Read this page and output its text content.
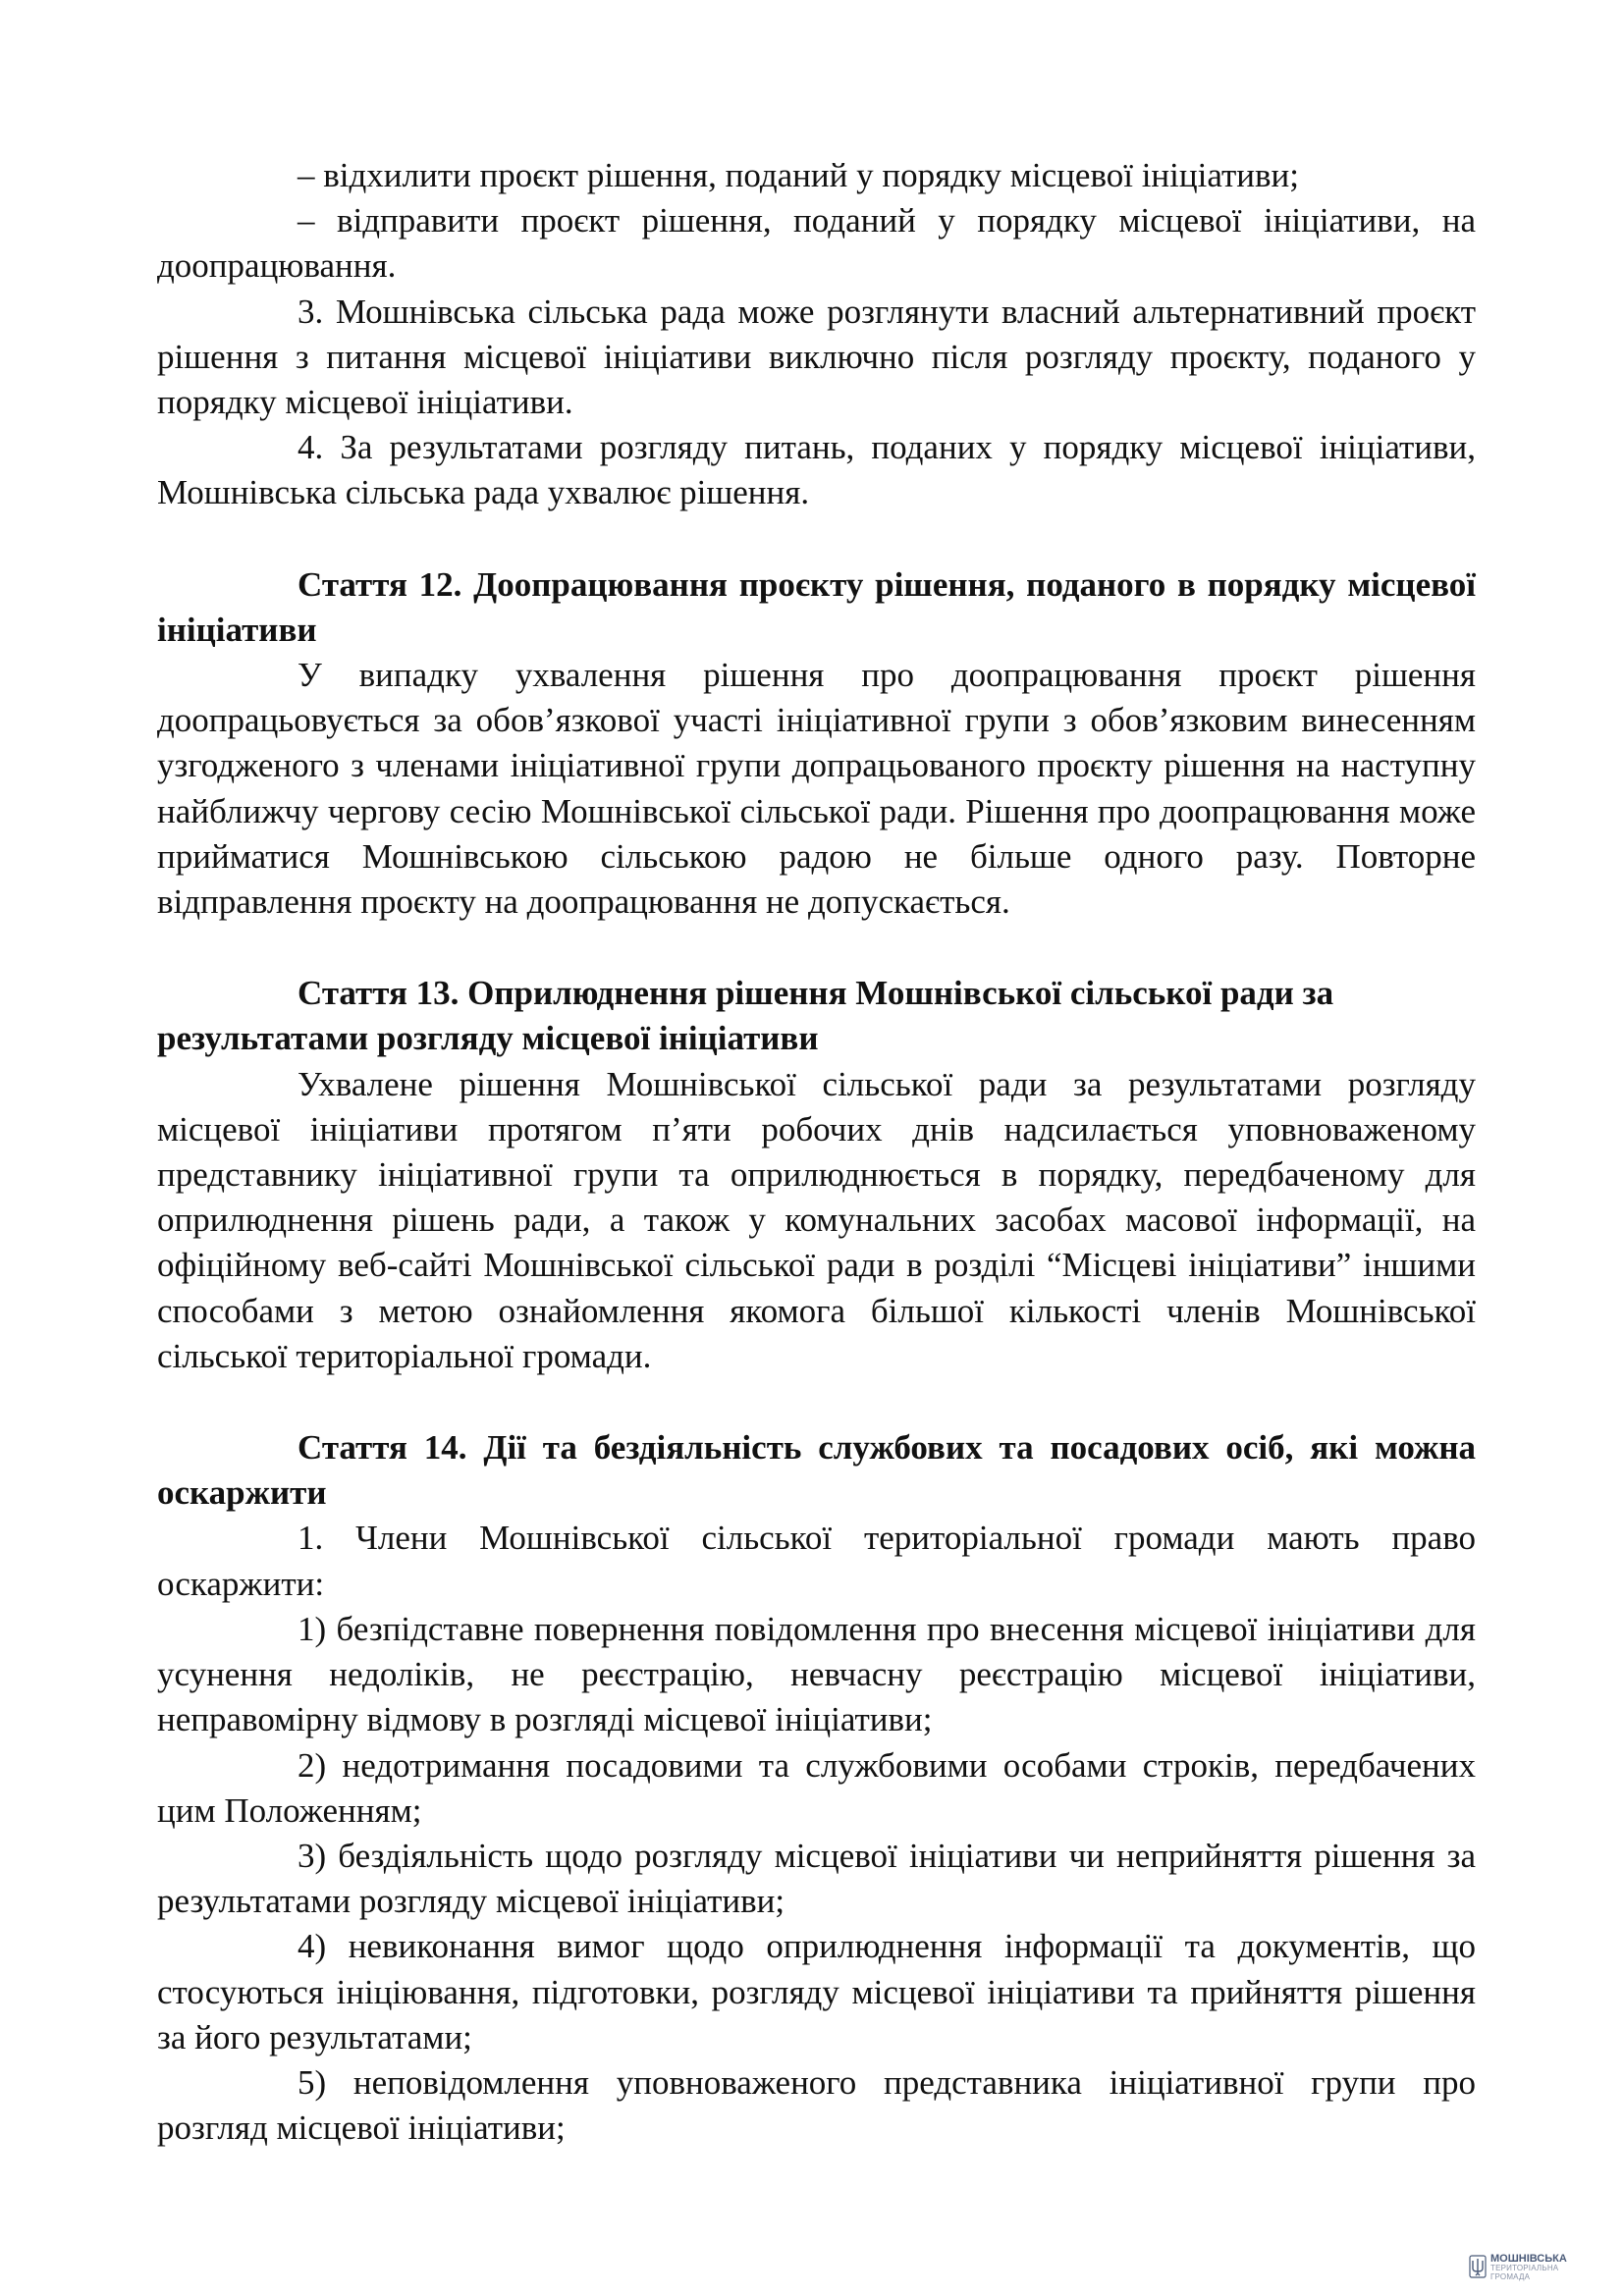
– відхилити проєкт рішення, поданий у порядку місцевої ініціативи;

– відправити проєкт рішення, поданий у порядку місцевої ініціативи, на доопрацювання.

3. Мошнівська сільська рада може розглянути власний альтернативний проєкт рішення з питання місцевої ініціативи виключно після розгляду проєкту, поданого у порядку місцевої ініціативи.

4. За результатами розгляду питань, поданих у порядку місцевої ініціативи, Мошнівська сільська рада ухвалює рішення.

Стаття 12. Доопрацювання проєкту рішення, поданого в порядку місцевої ініціативи

У випадку ухвалення рішення про доопрацювання проєкт рішення доопрацьовується за обов’язкової участі ініціативної групи з обов’язковим винесенням узгодженого з членами ініціативної групи допрацьованого проєкту рішення на наступну найближчу чергову сесію Мошнівської сільської ради. Рішення про доопрацювання може прийматися Мошнівською сільською радою не більше одного разу. Повторне відправлення проєкту на доопрацювання не допускається.

Стаття 13. Оприлюднення рішення Мошнівської сільської ради за результатами розгляду місцевої ініціативи

Ухвалене рішення Мошнівської сільської ради за результатами розгляду місцевої ініціативи протягом п’яти робочих днів надсилається уповноваженому представнику ініціативної групи та оприлюднюється в порядку, передбаченому для оприлюднення рішень ради, а також у комунальних засобах масової інформації, на офіційному веб-сайті Мошнівської сільської ради в розділі “Місцеві ініціативи” іншими способами з метою ознайомлення якомога більшої кількості членів Мошнівської сільської територіальної громади.

Стаття 14. Дії та бездіяльність службових та посадових осіб, які можна оскаржити

1. Члени Мошнівської сільської територіальної громади мають право оскаржити:

1) безпідставне повернення повідомлення про внесення місцевої ініціативи для усунення недоліків, не реєстрацію, невчасну реєстрацію місцевої ініціативи, неправомірну відмову в розгляді місцевої ініціативи;

2) недотримання посадовими та службовими особами строків, передбачених цим Положенням;

3) бездіяльність щодо розгляду місцевої ініціативи чи неприйняття рішення за результатами розгляду місцевої ініціативи;

4) невиконання вимог щодо оприлюднення інформації та документів, що стосуються ініціювання, підготовки, розгляду місцевої ініціативи та прийняття рішення за його результатами;

5) неповідомлення уповноваженого представника ініціативної групи про розгляд місцевої ініціативи;

МОШНІВСЬКА
ТЕРИТОРІАЛЬНА
ГРОМАДА
